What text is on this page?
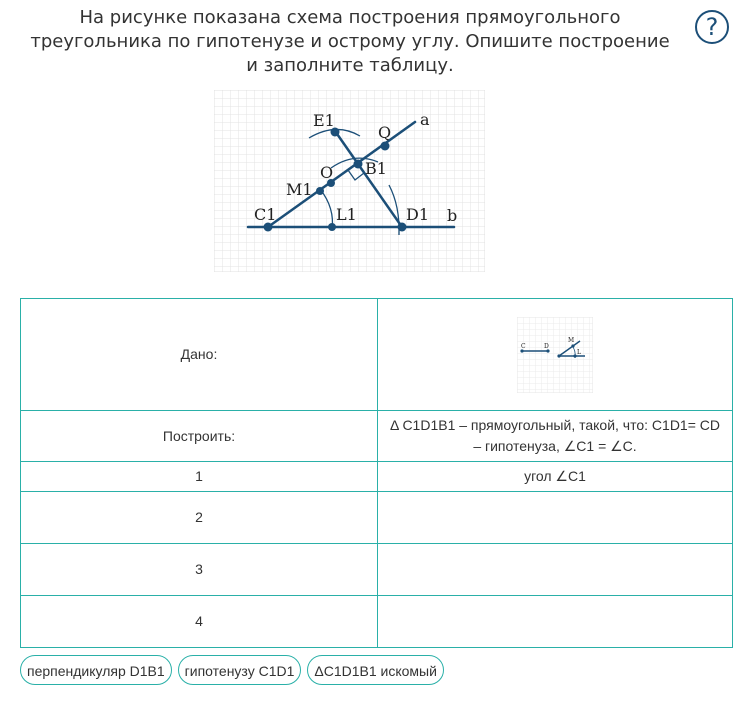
На рисунке показана схема построения прямоугольного треугольника по гипотенузе и острому углу. Опишите построение и заполните таблицу.
?
E1
Q
a
O B1
M1
C1	L1	D1 b
Дано:	C D
M
L

Построить:	Δ C1D1B1 – прямоугольный, такой, что: C1D1= CD – гипотенуза, ∠C1 = ∠C.
1	угол ∠C1
2	
3	
4	
перпендикуляр D1B1	гипотенузу C1D1	ΔC1D1B1 искомый
